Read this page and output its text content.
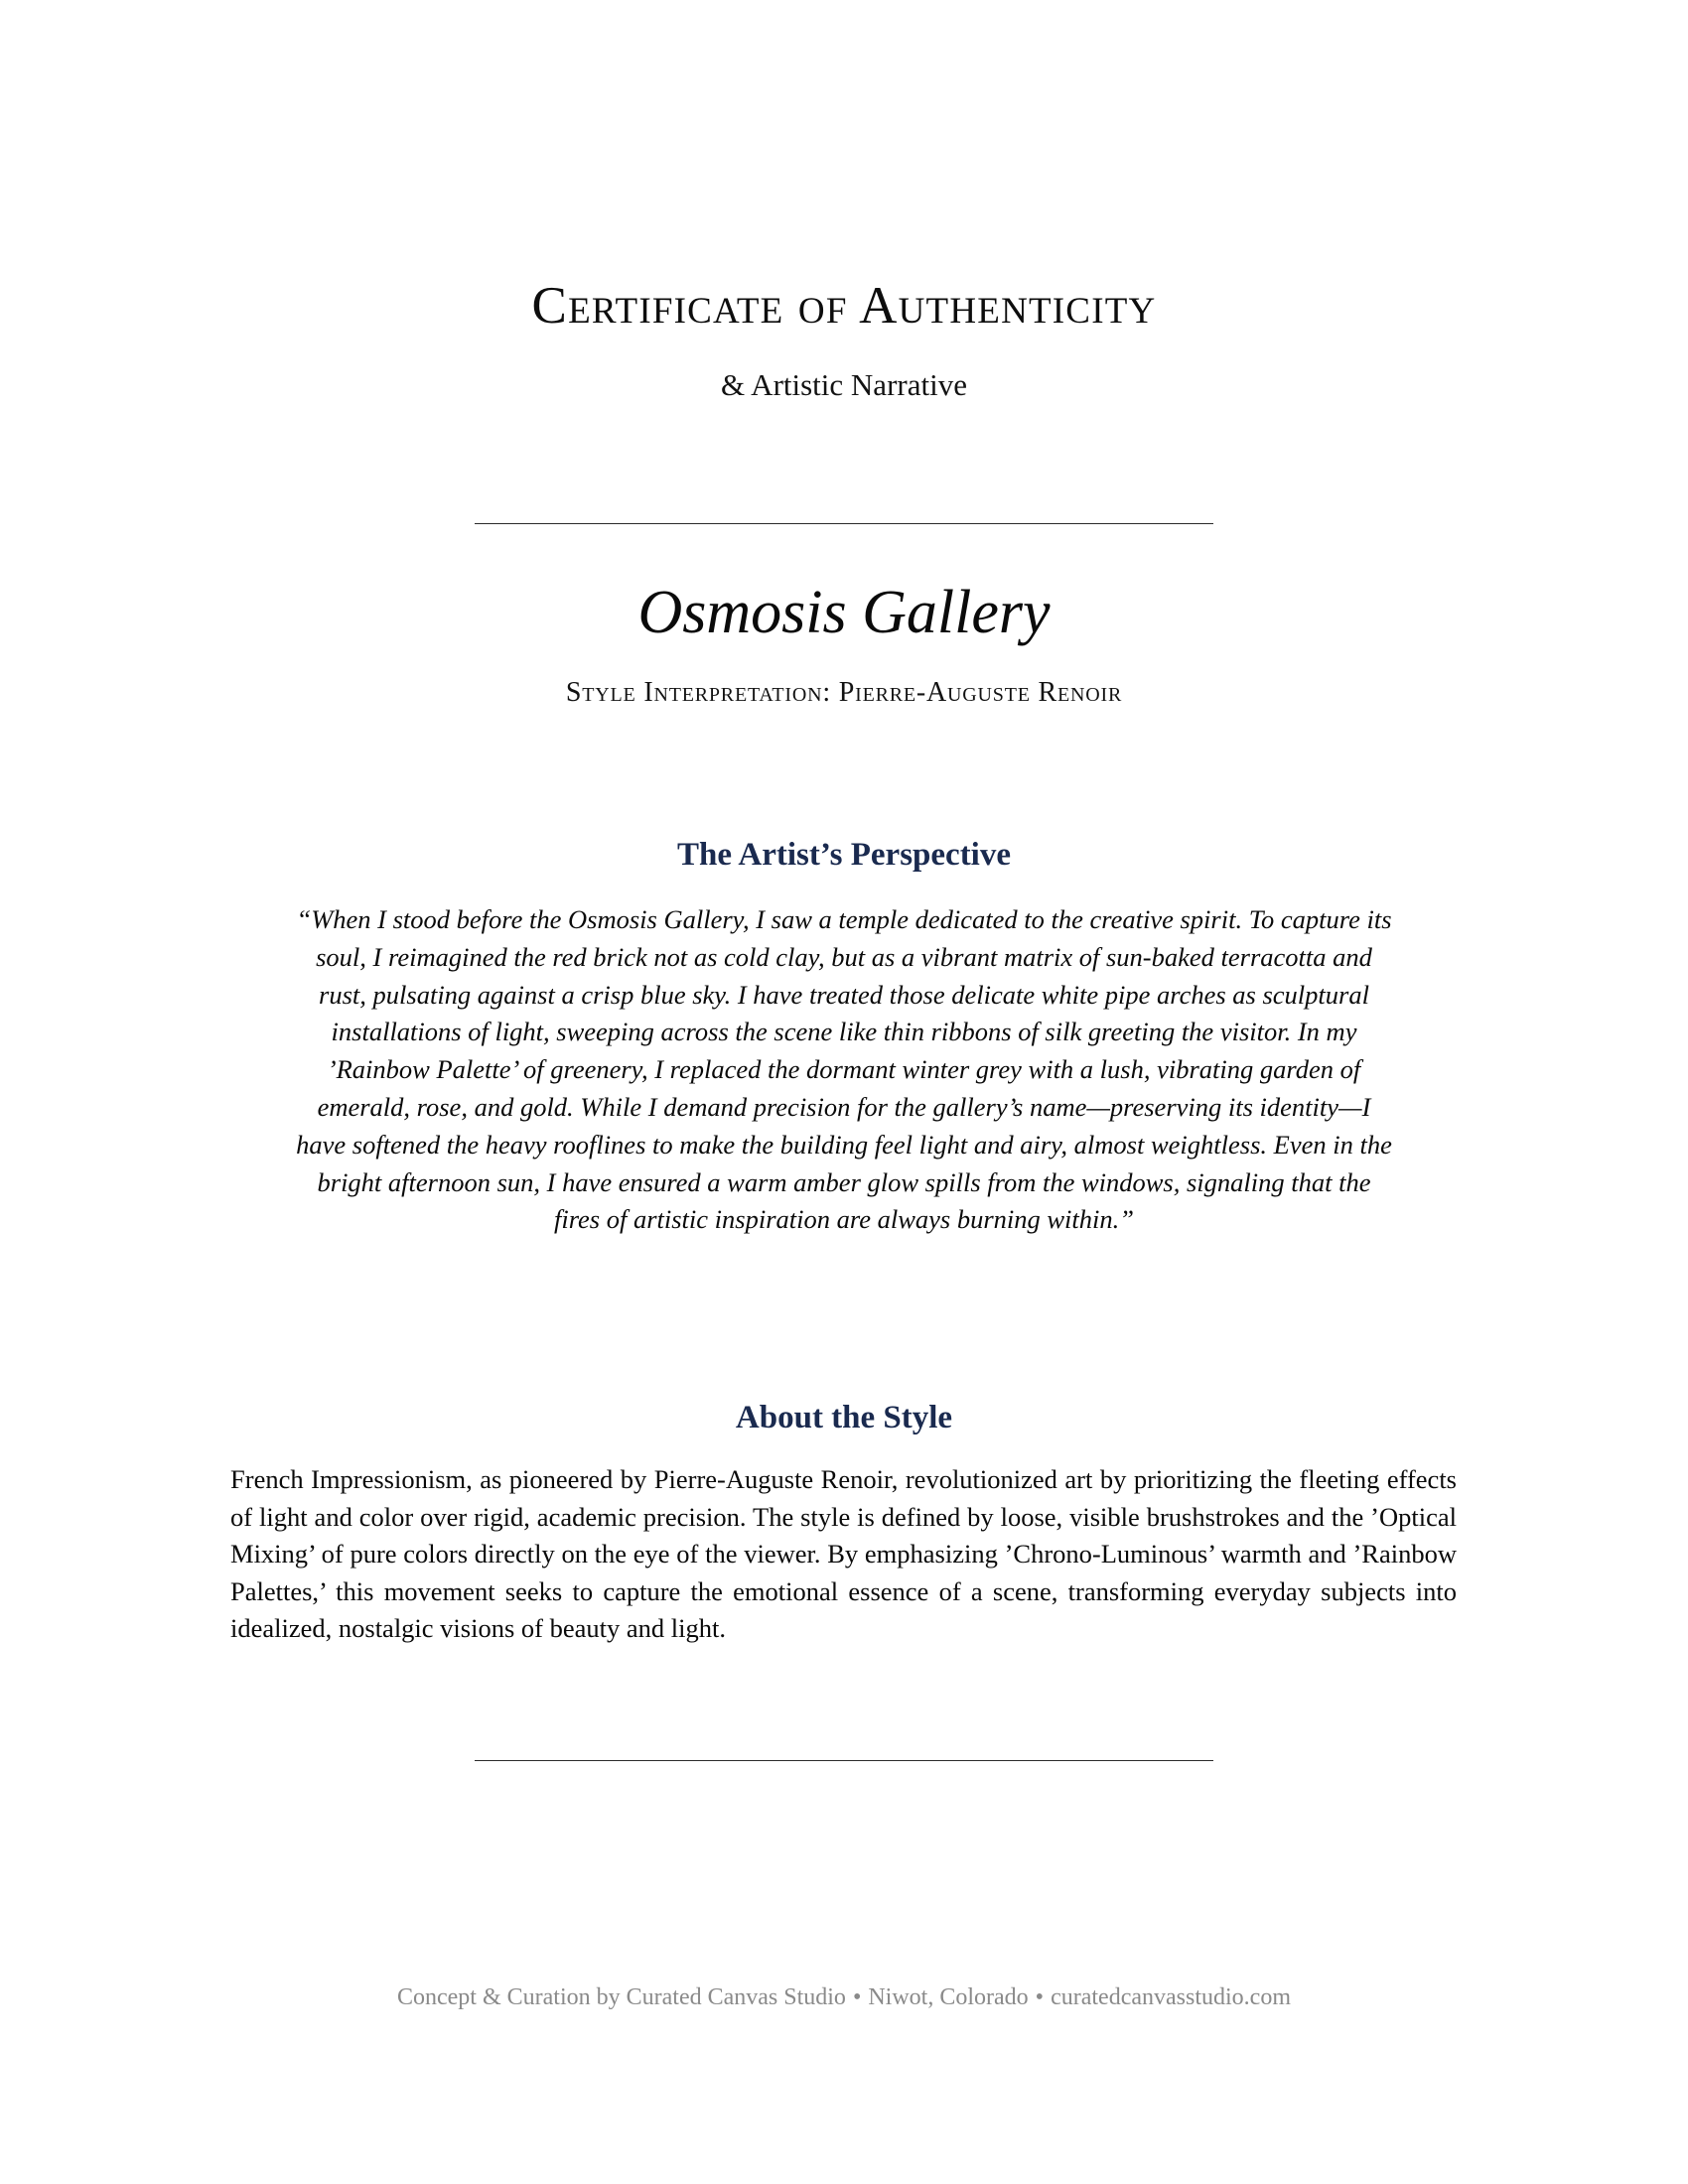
Certificate of Authenticity

& Artistic Narrative

Osmosis Gallery
Style Interpretation: Pierre-Auguste Renoir
The Artist’s Perspective

“When I stood before the Osmosis Gallery, I saw a temple dedicated to the creative spirit. To capture its soul, I reimagined the red brick not as cold clay, but as a vibrant matrix of sun-baked terracotta and rust, pulsating against a crisp blue sky. I have treated those delicate white pipe arches as sculptural installations of light, sweeping across the scene like thin ribbons of silk greeting the visitor. In my ’Rainbow Palette’ of greenery, I replaced the dormant winter grey with a lush, vibrating garden of emerald, rose, and gold. While I demand precision for the gallery’s name—preserving its identity—I have softened the heavy rooflines to make the building feel light and airy, almost weightless. Even in the bright afternoon sun, I have ensured a warm amber glow spills from the windows, signaling that the fires of artistic inspiration are always burning within.”

About the Style

French Impressionism, as pioneered by Pierre-Auguste Renoir, revolutionized art by prioritizing the fleeting effects of light and color over rigid, academic precision. The style is defined by loose, visible brushstrokes and the ’Optical Mixing’ of pure colors directly on the eye of the viewer. By emphasizing ’Chrono-Luminous’ warmth and ’Rainbow Palettes,’ this movement seeks to capture the emotional essence of a scene, transforming everyday subjects into idealized, nostalgic visions of beauty and light.

Concept & Curation by Curated Canvas Studio • Niwot, Colorado • curatedcanvasstudio.com
